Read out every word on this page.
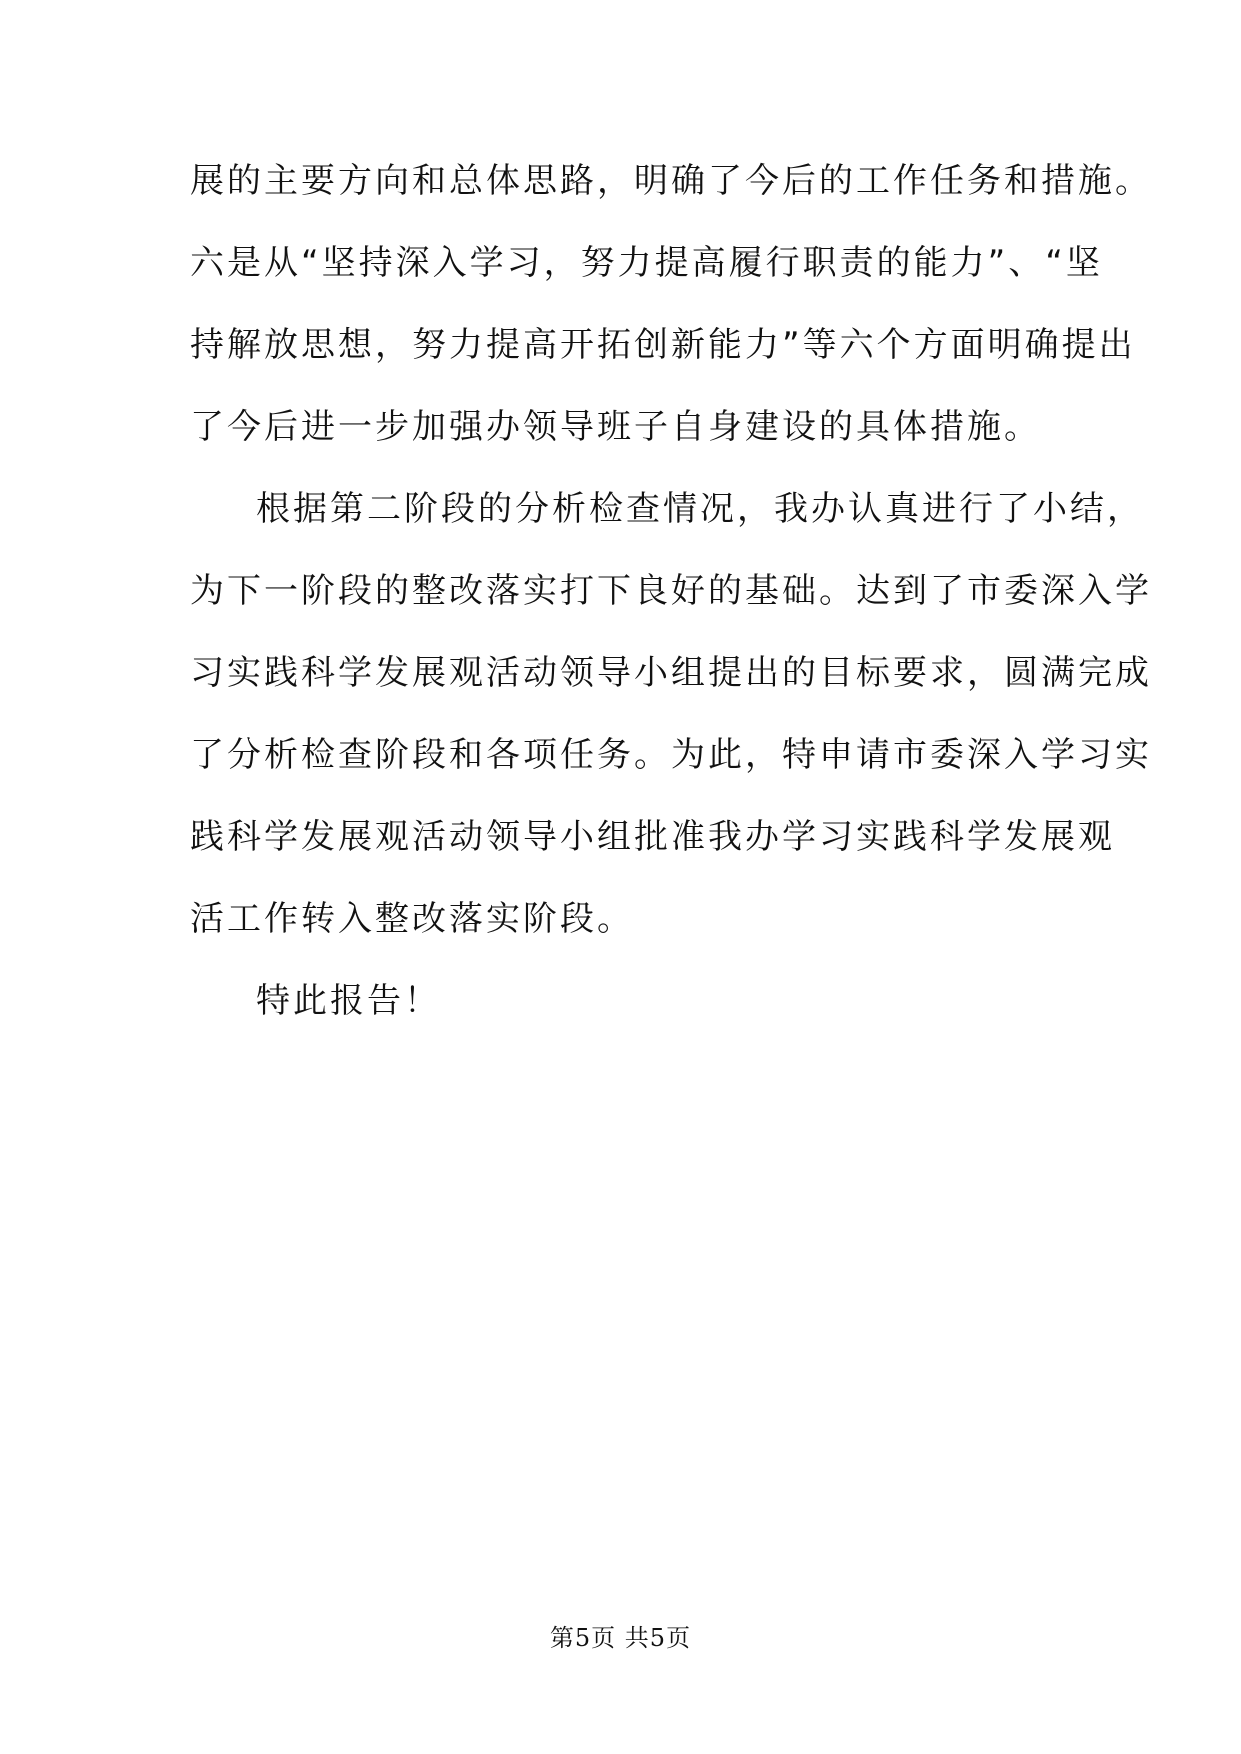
展的主要方向和总体思路，明确了今后的工作任务和措施。
六是从“坚持深入学习，努力提高履行职责的能力”、“坚
持解放思想，努力提高开拓创新能力”等六个方面明确提出
了今后进一步加强办领导班子自身建设的具体措施。
根据第二阶段的分析检查情况，我办认真进行了小结，
为下一阶段的整改落实打下良好的基础。达到了市委深入学
习实践科学发展观活动领导小组提出的目标要求，圆满完成
了分析检查阶段和各项任务。为此，特申请市委深入学习实
践科学发展观活动领导小组批准我办学习实践科学发展观
活工作转入整改落实阶段。
特此报告！
第5页 共5页
